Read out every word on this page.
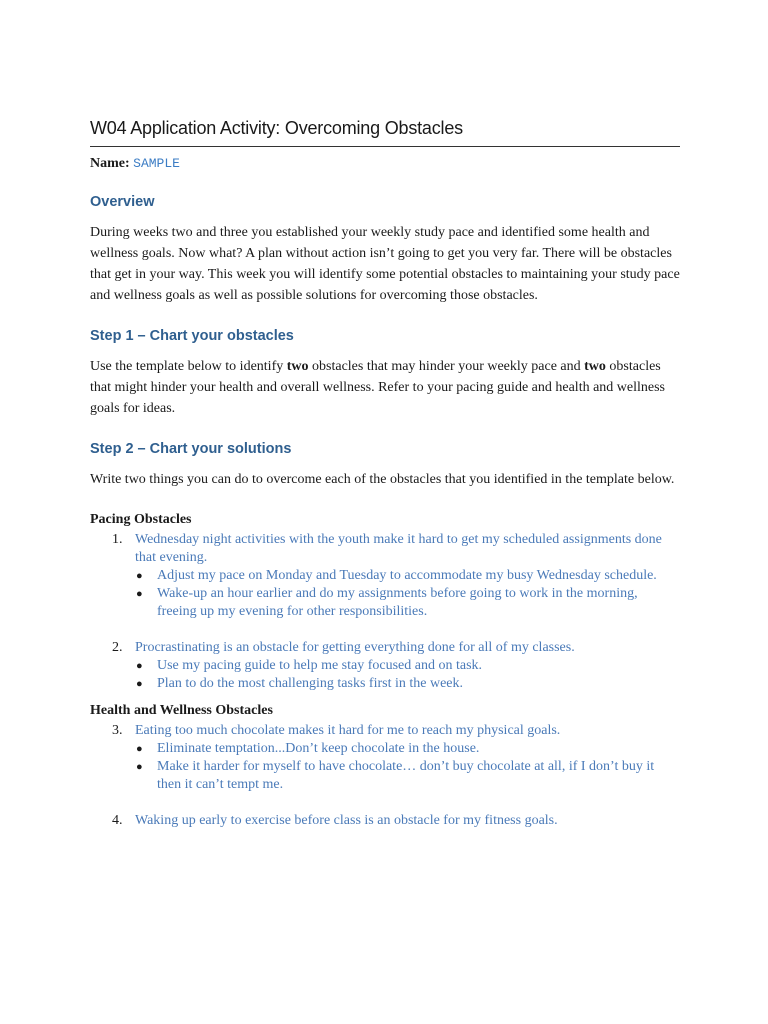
W04 Application Activity: Overcoming Obstacles
Name: SAMPLE
Overview

During weeks two and three you established your weekly study pace and identified some health and wellness goals. Now what? A plan without action isn’t going to get you very far. There will be obstacles that get in your way. This week you will identify some potential obstacles to maintaining your study pace and wellness goals as well as possible solutions for overcoming those obstacles.

Step 1 – Chart your obstacles

Use the template below to identify two obstacles that may hinder your weekly pace and two obstacles that might hinder your health and overall wellness. Refer to your pacing guide and health and wellness goals for ideas.

Step 2 – Chart your solutions

Write two things you can do to overcome each of the obstacles that you identified in the template below.

Pacing Obstacles
1. Wednesday night activities with the youth make it hard to get my scheduled assignments done that evening.
● Adjust my pace on Monday and Tuesday to accommodate my busy Wednesday schedule.
● Wake-up an hour earlier and do my assignments before going to work in the morning, freeing up my evening for other responsibilities.
2. Procrastinating is an obstacle for getting everything done for all of my classes.
● Use my pacing guide to help me stay focused and on task.
● Plan to do the most challenging tasks first in the week.
Health and Wellness Obstacles
3. Eating too much chocolate makes it hard for me to reach my physical goals.
● Eliminate temptation...Don’t keep chocolate in the house.
● Make it harder for myself to have chocolate… don’t buy chocolate at all, if I don’t buy it then it can’t tempt me.
4. Waking up early to exercise before class is an obstacle for my fitness goals.
